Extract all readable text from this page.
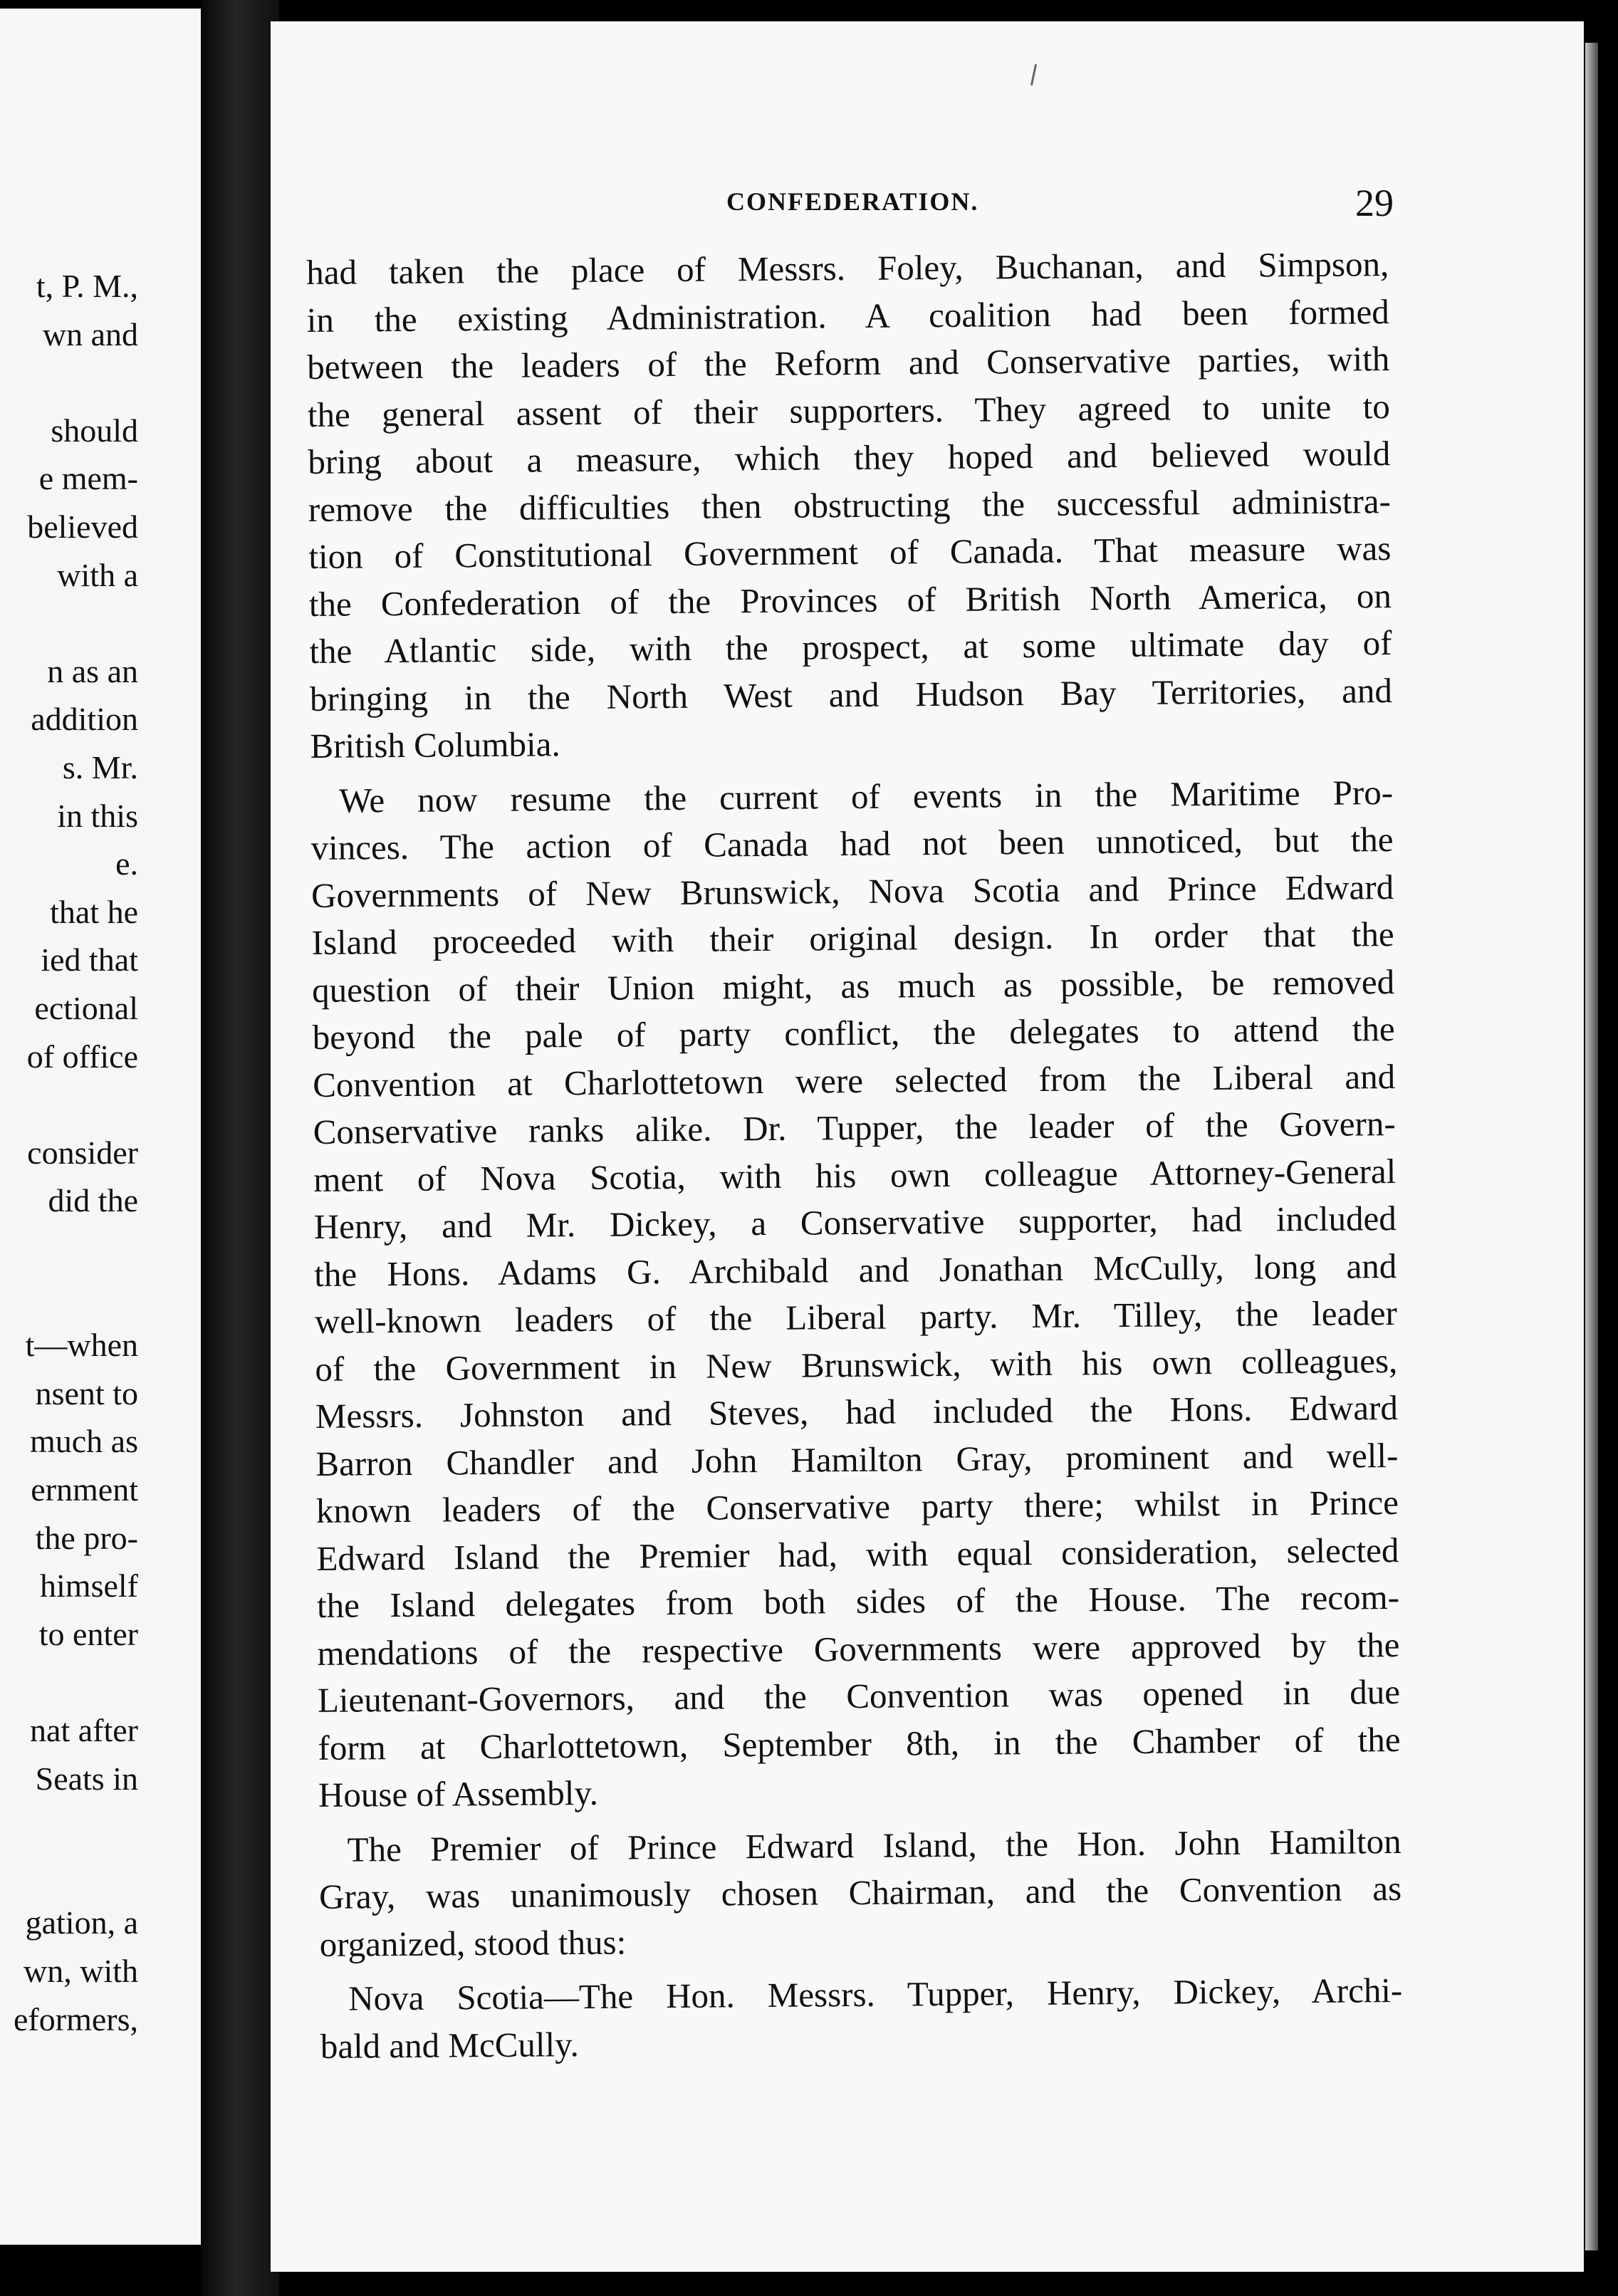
t, P. M.,
wn and
should
e mem-
believed
with a
n as an
addition
s. Mr.
in this
e.
that he
ied that
ectional
of office
consider
did the
t—when
nsent to
much as
ernment
the pro-
himself
to enter
nat after
Seats in
gation, a
wn, with
eformers,
CONFEDERATION.	29
had taken the place of Messrs. Foley, Buchanan, and Simpson,
in the existing Administration. A coalition had been formed
between the leaders of the Reform and Conservative parties, with
the general assent of their supporters. They agreed to unite to
bring about a measure, which they hoped and believed would
remove the difficulties then obstructing the successful administra-
tion of Constitutional Government of Canada. That measure was
the Confederation of the Provinces of British North America, on
the Atlantic side, with the prospect, at some ultimate day of
bringing in the North West and Hudson Bay Territories, and
British Columbia.
We now resume the current of events in the Maritime Pro-
vinces. The action of Canada had not been unnoticed, but the
Governments of New Brunswick, Nova Scotia and Prince Edward
Island proceeded with their original design. In order that the
question of their Union might, as much as possible, be removed
beyond the pale of party conflict, the delegates to attend the
Convention at Charlottetown were selected from the Liberal and
Conservative ranks alike. Dr. Tupper, the leader of the Govern-
ment of Nova Scotia, with his own colleague Attorney-General
Henry, and Mr. Dickey, a Conservative supporter, had included
the Hons. Adams G. Archibald and Jonathan McCully, long and
well-known leaders of the Liberal party. Mr. Tilley, the leader
of the Government in New Brunswick, with his own colleagues,
Messrs. Johnston and Steves, had included the Hons. Edward
Barron Chandler and John Hamilton Gray, prominent and well-
known leaders of the Conservative party there; whilst in Prince
Edward Island the Premier had, with equal consideration, selected
the Island delegates from both sides of the House. The recom-
mendations of the respective Governments were approved by the
Lieutenant-Governors, and the Convention was opened in due
form at Charlottetown, September 8th, in the Chamber of the
House of Assembly.
The Premier of Prince Edward Island, the Hon. John Hamilton
Gray, was unanimously chosen Chairman, and the Convention as
organized, stood thus:
Nova Scotia—The Hon. Messrs. Tupper, Henry, Dickey, Archi-
bald and McCully.
